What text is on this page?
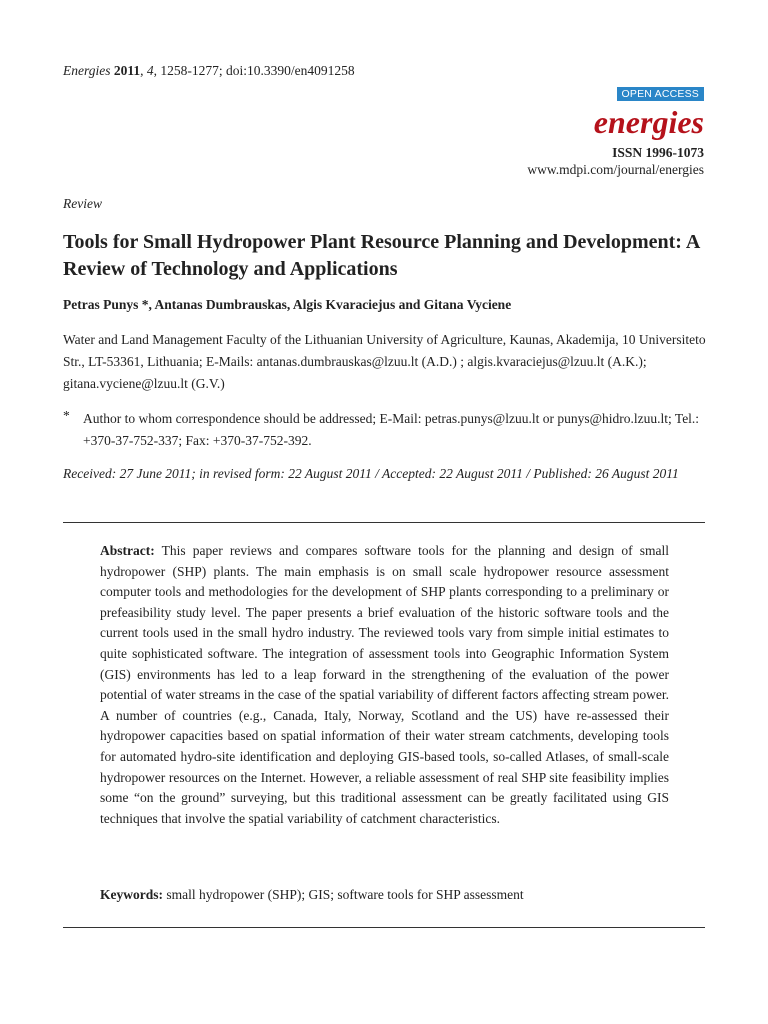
Energies 2011, 4, 1258-1277; doi:10.3390/en4091258
OPEN ACCESS
energies
ISSN 1996-1073
www.mdpi.com/journal/energies
Review
Tools for Small Hydropower Plant Resource Planning and Development: A Review of Technology and Applications
Petras Punys *, Antanas Dumbrauskas, Algis Kvaraciejus and Gitana Vyciene
Water and Land Management Faculty of the Lithuanian University of Agriculture, Kaunas, Akademija, 10 Universiteto Str., LT-53361, Lithuania; E-Mails: antanas.dumbrauskas@lzuu.lt (A.D.) ; algis.kvaraciejus@lzuu.lt (A.K.); gitana.vyciene@lzuu.lt (G.V.)
* Author to whom correspondence should be addressed; E-Mail: petras.punys@lzuu.lt or punys@hidro.lzuu.lt; Tel.: +370-37-752-337; Fax: +370-37-752-392.
Received: 27 June 2011; in revised form: 22 August 2011 / Accepted: 22 August 2011 / Published: 26 August 2011
Abstract: This paper reviews and compares software tools for the planning and design of small hydropower (SHP) plants. The main emphasis is on small scale hydropower resource assessment computer tools and methodologies for the development of SHP plants corresponding to a preliminary or prefeasibility study level. The paper presents a brief evaluation of the historic software tools and the current tools used in the small hydro industry. The reviewed tools vary from simple initial estimates to quite sophisticated software. The integration of assessment tools into Geographic Information System (GIS) environments has led to a leap forward in the strengthening of the evaluation of the power potential of water streams in the case of the spatial variability of different factors affecting stream power. A number of countries (e.g., Canada, Italy, Norway, Scotland and the US) have re-assessed their hydropower capacities based on spatial information of their water stream catchments, developing tools for automated hydro-site identification and deploying GIS-based tools, so-called Atlases, of small-scale hydropower resources on the Internet. However, a reliable assessment of real SHP site feasibility implies some “on the ground” surveying, but this traditional assessment can be greatly facilitated using GIS techniques that involve the spatial variability of catchment characteristics.
Keywords: small hydropower (SHP); GIS; software tools for SHP assessment
